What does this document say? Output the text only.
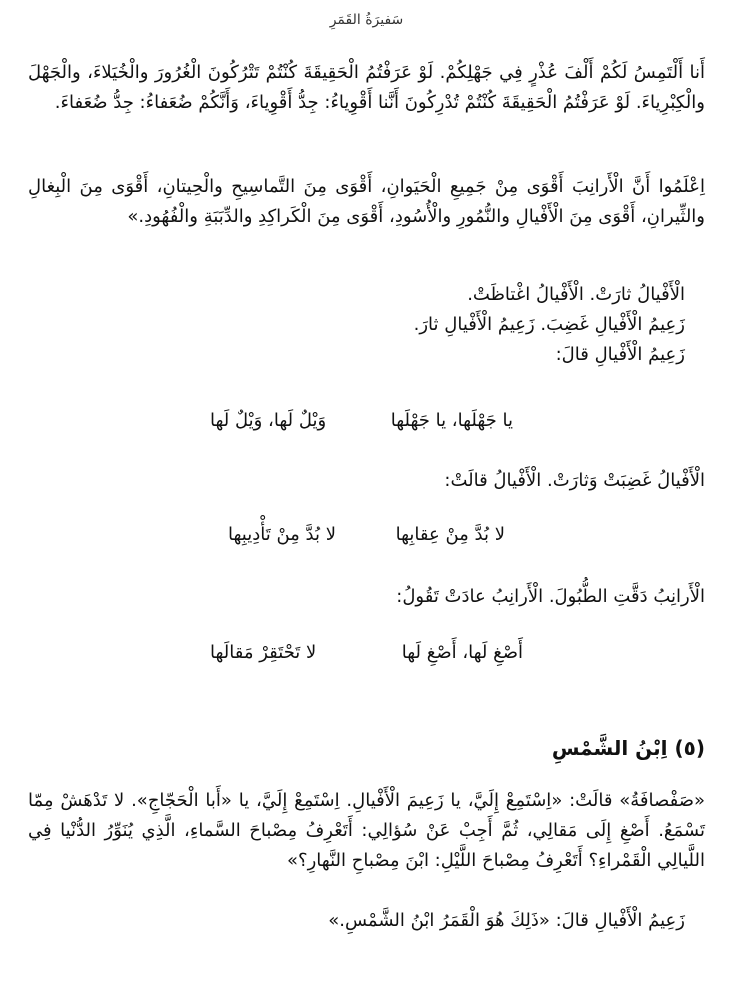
سَفيرَةُ القَمَرِ

أَنا أَلْتَمِسُ لَكُمْ أَلْفَ عُذْرٍ فِي جَهْلِكُمْ. لَوْ عَرَفْتُمُ الْحَقِيقَةَ كُنْتُمْ تَتْرُكُونَ الْغُرُورَ والْخُيَلاءَ، والْجَهْلَ والْكِبْرِياءَ. لَوْ عَرَفْتُمُ الْحَقِيقَةَ كُنْتُمْ تُدْرِكُونَ أَنَّنا أَقْوِياءُ: جِدُّ أَقْوِياءَ، وَأَنَّكُمْ ضُعَفاءُ: جِدُّ ضُعَفاءَ.

اِعْلَمُوا أَنَّ الْأَرانِبَ أَقْوَى مِنْ جَمِيعِ الْحَيَوانِ، أَقْوَى مِنَ التَّماسِيحِ والْحِيتانِ، أَقْوَى مِنَ الْبِغالِ والثِّيرانِ، أَقْوَى مِنَ الْأَفْيالِ والنُّمُورِ والْأُسُودِ، أَقْوَى مِنَ الْكَراكِدِ والدِّبَبَةِ والْفُهُودِ.»

الْأَفْيالُ ثارَتْ. الْأَفْيالُ اغْتاظَتْ.
زَعِيمُ الْأَفْيالِ غَضِبَ. زَعِيمُ الْأَفْيالِ ثارَ.
زَعِيمُ الْأَفْيالِ قالَ:
يا جَهْلَها، يا جَهْلَها
وَيْلٌ لَها، وَيْلٌ لَها
الْأَفْيالُ غَضِبَتْ وَثارَتْ. الْأَفْيالُ قالَتْ:
لا بُدَّ مِنْ عِقابِها
لا بُدَّ مِنْ تَأْدِيبِها
الْأَرانِبُ دَقَّتِ الطُّبُولَ. الْأَرانِبُ عادَتْ تَقُولُ:
أَصْغِ لَها، أَصْغِ لَها
لا تَحْتَقِرْ مَقالَها
(٥) اِبْنُ الشَّمْسِ

«صَفْصافَةُ» قالَتْ: «اِسْتَمِعْ إِلَيَّ، يا زَعِيمَ الْأَفْيالِ. اِسْتَمِعْ إِلَيَّ، يا «أَبا الْحَجّاجِ». لا تَدْهَشْ مِمّا تَسْمَعُ. أَصْغِ إِلَى مَقالِي، ثُمَّ أَجِبْ عَنْ سُؤالِي: أَتَعْرِفُ مِصْباحَ السَّماءِ، الَّذِي يُنَوِّرُ الدُّنْيا فِي اللَّيالِي الْقَمْراءِ؟ أَتَعْرِفُ مِصْباحَ اللَّيْلِ: ابْنَ مِصْباحِ النَّهارِ؟»

زَعِيمُ الْأَفْيالِ قالَ: «ذَلِكَ هُوَ الْقَمَرُ ابْنُ الشَّمْسِ.»
